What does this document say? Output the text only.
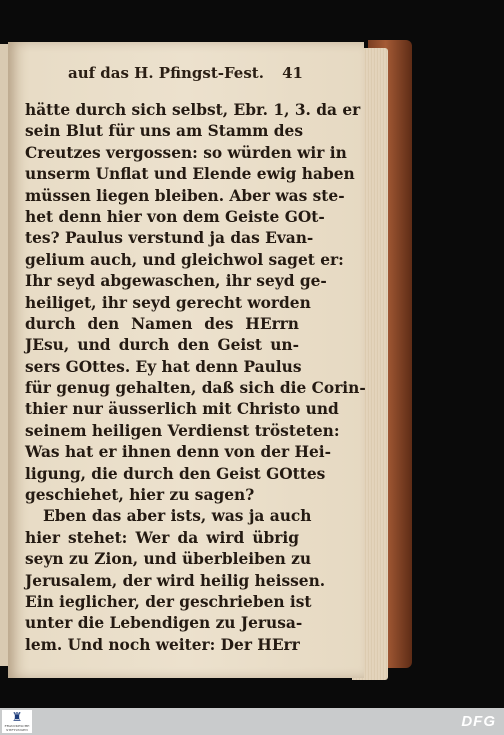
auf das H. Pfingst-Fest. 41
hätte durch sich selbst, Ebr. 1, 3. da er
sein Blut für uns am Stamm des
Creutzes vergossen: so würden wir in
unserm Unflat und Elende ewig haben
müssen liegen bleiben. Aber was ste-
het denn hier von dem Geiste GOt-
tes? Paulus verstund ja das Evan-
gelium auch, und gleichwol saget er:
Ihr seyd abgewaschen, ihr seyd ge-
heiliget, ihr seyd gerecht worden
durch den Namen des HErrn
JEsu, und durch den Geist un-
sers GOttes. Ey hat denn Paulus
für genug gehalten, daß sich die Corin-
thier nur äusserlich mit Christo und
seinem heiligen Verdienst trösteten:
Was hat er ihnen denn von der Hei-
ligung, die durch den Geist GOttes
geschiehet, hier zu sagen?
Eben das aber ists, was ja auch
hier stehet: Wer da wird übrig
seyn zu Zion, und überbleiben zu
Jerusalem, der wird heilig heissen.
Ein ieglicher, der geschrieben ist
unter die Lebendigen zu Jerusa-
lem. Und noch weiter: Der HErr
♜
FRANCKESCHE STIFTUNGEN	DFG
